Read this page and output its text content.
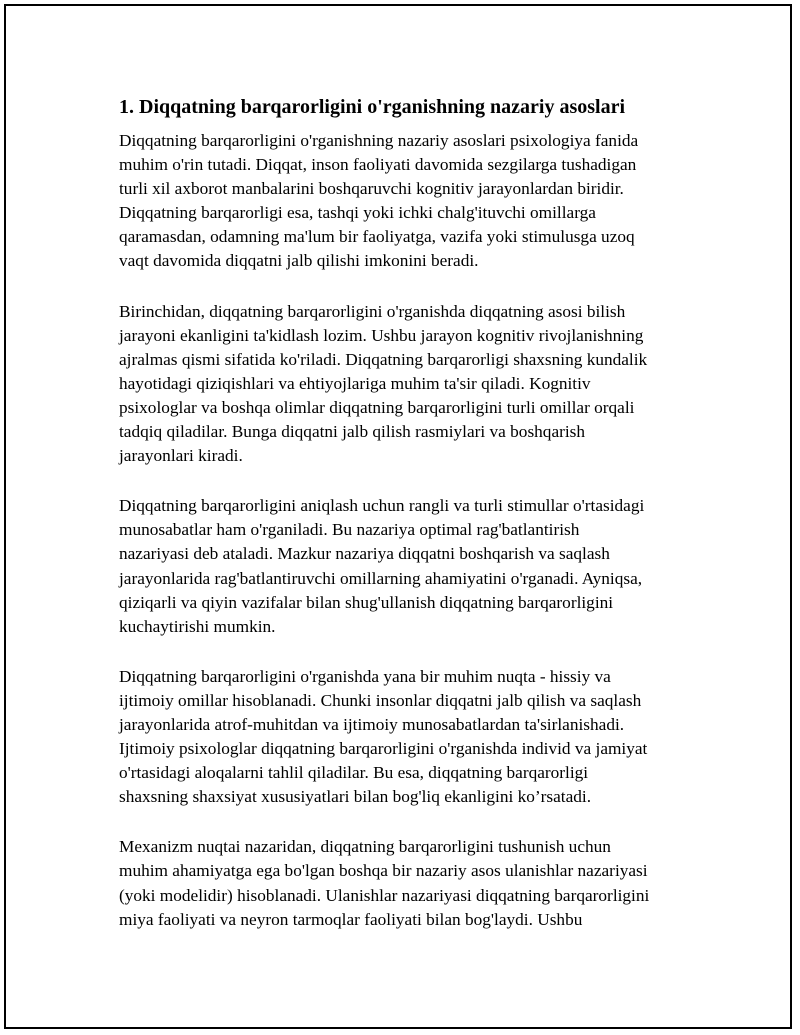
1. Diqqatning barqarorligini o'rganishning nazariy asoslari

Diqqatning barqarorligini o'rganishning nazariy asoslari psixologiya fanida
muhim o'rin tutadi. Diqqat, inson faoliyati davomida sezgilarga tushadigan
turli xil axborot manbalarini boshqaruvchi kognitiv jarayonlardan biridir.
Diqqatning barqarorligi esa, tashqi yoki ichki chalg'ituvchi omillarga
qaramasdan, odamning ma'lum bir faoliyatga, vazifa yoki stimulusga uzoq
vaqt davomida diqqatni jalb qilishi imkonini beradi.

Birinchidan, diqqatning barqarorligini o'rganishda diqqatning asosi bilish
jarayoni ekanligini ta'kidlash lozim. Ushbu jarayon kognitiv rivojlanishning
ajralmas qismi sifatida ko'riladi. Diqqatning barqarorligi shaxsning kundalik
hayotidagi qiziqishlari va ehtiyojlariga muhim ta'sir qiladi. Kognitiv
psixologlar va boshqa olimlar diqqatning barqarorligini turli omillar orqali
tadqiq qiladilar. Bunga diqqatni jalb qilish rasmiylari va boshqarish
jarayonlari kiradi.

Diqqatning barqarorligini aniqlash uchun rangli va turli stimullar o'rtasidagi
munosabatlar ham o'rganiladi. Bu nazariya optimal rag'batlantirish
nazariyasi deb ataladi. Mazkur nazariya diqqatni boshqarish va saqlash
jarayonlarida rag'batlantiruvchi omillarning ahamiyatini o'rganadi. Ayniqsa,
qiziqarli va qiyin vazifalar bilan shug'ullanish diqqatning barqarorligini
kuchaytirishi mumkin.

Diqqatning barqarorligini o'rganishda yana bir muhim nuqta - hissiy va
ijtimoiy omillar hisoblanadi. Chunki insonlar diqqatni jalb qilish va saqlash
jarayonlarida atrof-muhitdan va ijtimoiy munosabatlardan ta'sirlanishadi.
Ijtimoiy psixologlar diqqatning barqarorligini o'rganishda individ va jamiyat
o'rtasidagi aloqalarni tahlil qiladilar. Bu esa, diqqatning barqarorligi
shaxsning shaxsiyat xususiyatlari bilan bog'liq ekanligini ko’rsatadi.

Mexanizm nuqtai nazaridan, diqqatning barqarorligini tushunish uchun
muhim ahamiyatga ega bo'lgan boshqa bir nazariy asos ulanishlar nazariyasi
(yoki modelidir) hisoblanadi. Ulanishlar nazariyasi diqqatning barqarorligini
miya faoliyati va neyron tarmoqlar faoliyati bilan bog'laydi. Ushbu
